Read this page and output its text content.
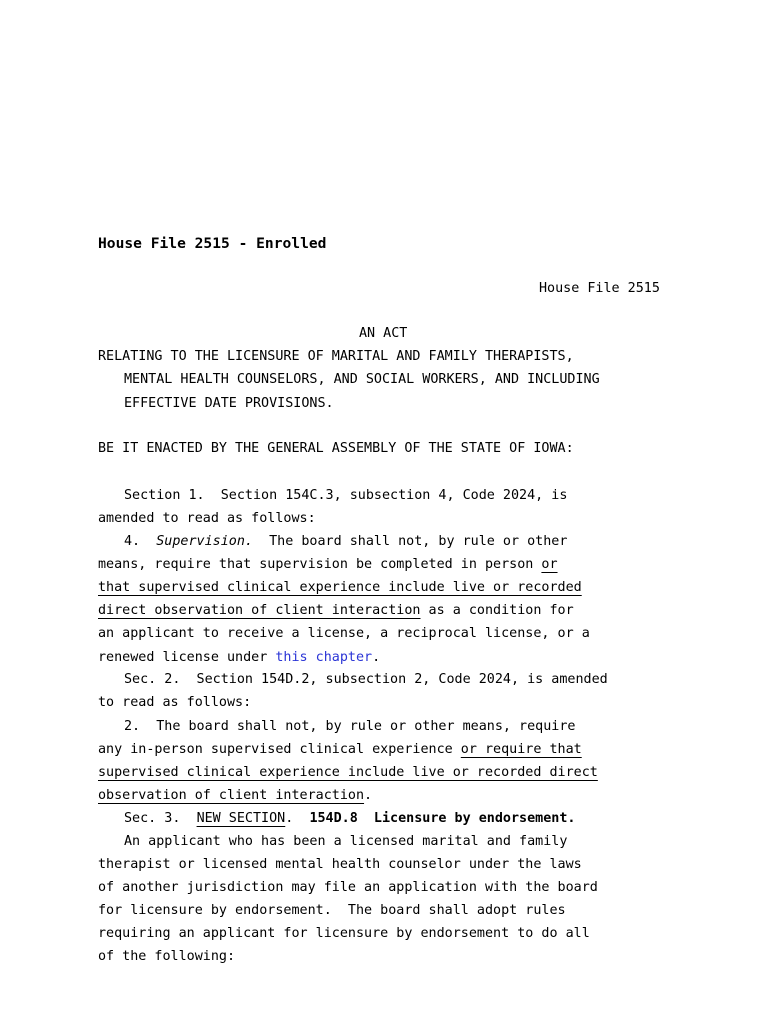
House File 2515 - Enrolled
House File 2515
AN ACT
RELATING TO THE LICENSURE OF MARITAL AND FAMILY THERAPISTS,
MENTAL HEALTH COUNSELORS, AND SOCIAL WORKERS, AND INCLUDING
EFFECTIVE DATE PROVISIONS.
BE IT ENACTED BY THE GENERAL ASSEMBLY OF THE STATE OF IOWA:
Section 1.  Section 154C.3, subsection 4, Code 2024, is
amended to read as follows:
4.  Supervision.  The board shall not, by rule or other
means, require that supervision be completed in person or
that supervised clinical experience include live or recorded
direct observation of client interaction as a condition for
an applicant to receive a license, a reciprocal license, or a
renewed license under this chapter.
Sec. 2.  Section 154D.2, subsection 2, Code 2024, is amended
to read as follows:
2.  The board shall not, by rule or other means, require
any in-person supervised clinical experience or require that
supervised clinical experience include live or recorded direct
observation of client interaction.
Sec. 3.  NEW SECTION.  154D.8  Licensure by endorsement.
An applicant who has been a licensed marital and family
therapist or licensed mental health counselor under the laws
of another jurisdiction may file an application with the board
for licensure by endorsement.  The board shall adopt rules
requiring an applicant for licensure by endorsement to do all
of the following:
